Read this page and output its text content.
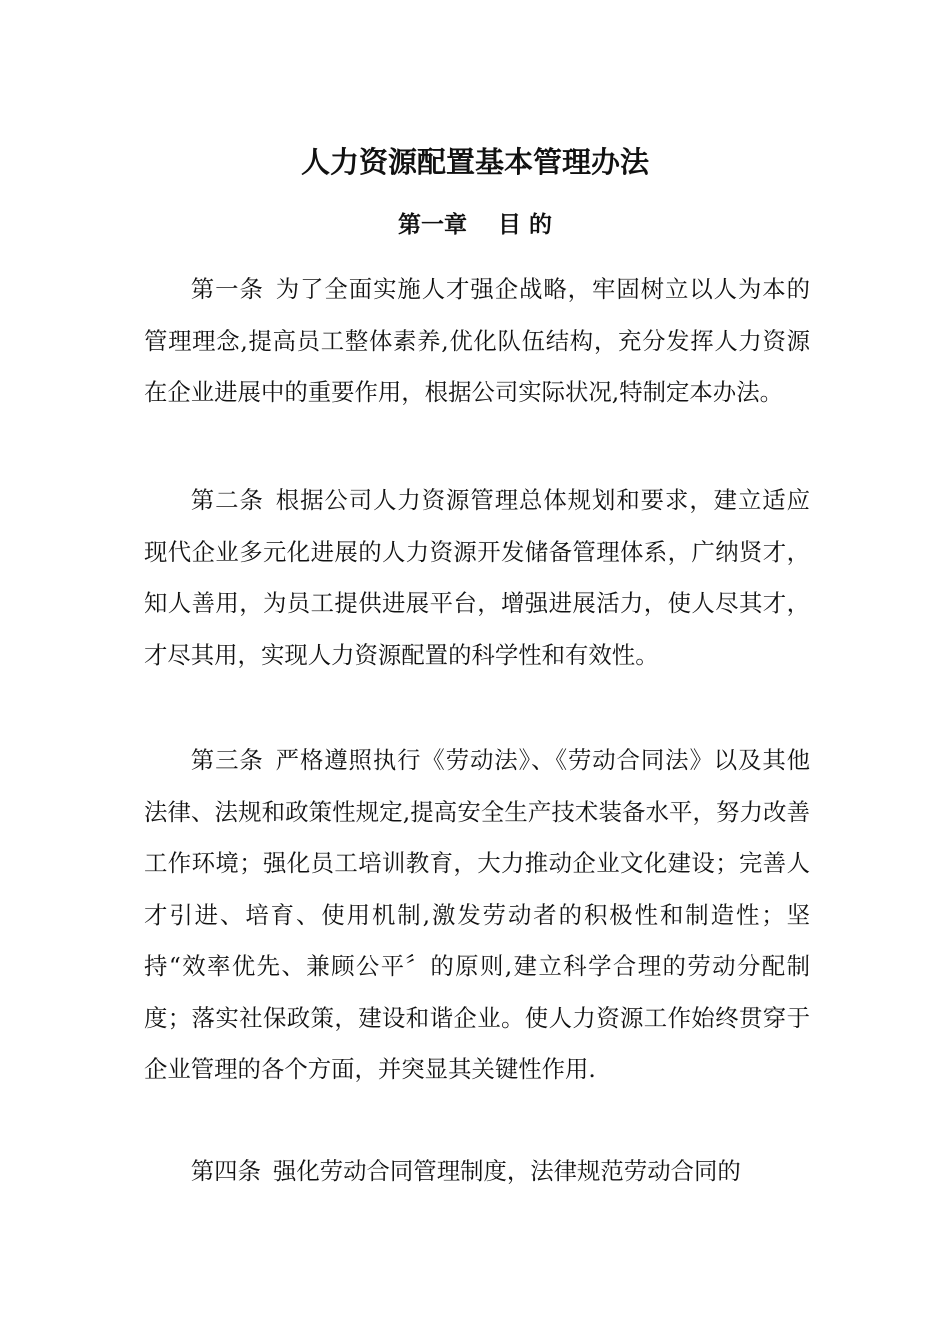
人力资源配置基本管理办法
第一章　 目 的

第一条 为了全面实施人才强企战略，牢固树立以人为本的管理理念,提高员工整体素养,优化队伍结构，充分发挥人力资源在企业进展中的重要作用，根据公司实际状况,特制定本办法。

第二条 根据公司人力资源管理总体规划和要求，建立适应现代企业多元化进展的人力资源开发储备管理体系，广纳贤才，知人善用，为员工提供进展平台，增强进展活力，使人尽其才，才尽其用，实现人力资源配置的科学性和有效性。

第三条 严格遵照执行《劳动法》、《劳动合同法》以及其他法律、法规和政策性规定,提高安全生产技术装备水平，努力改善工作环境；强化员工培训教育，大力推动企业文化建设；完善人才引进、培育、使用机制,激发劳动者的积极性和制造性；坚持“效率优先、兼顾公平〞的原则,建立科学合理的劳动分配制度；落实社保政策，建设和谐企业。使人力资源工作始终贯穿于企业管理的各个方面，并突显其关键性作用.

第四条 强化劳动合同管理制度，法律规范劳动合同的
